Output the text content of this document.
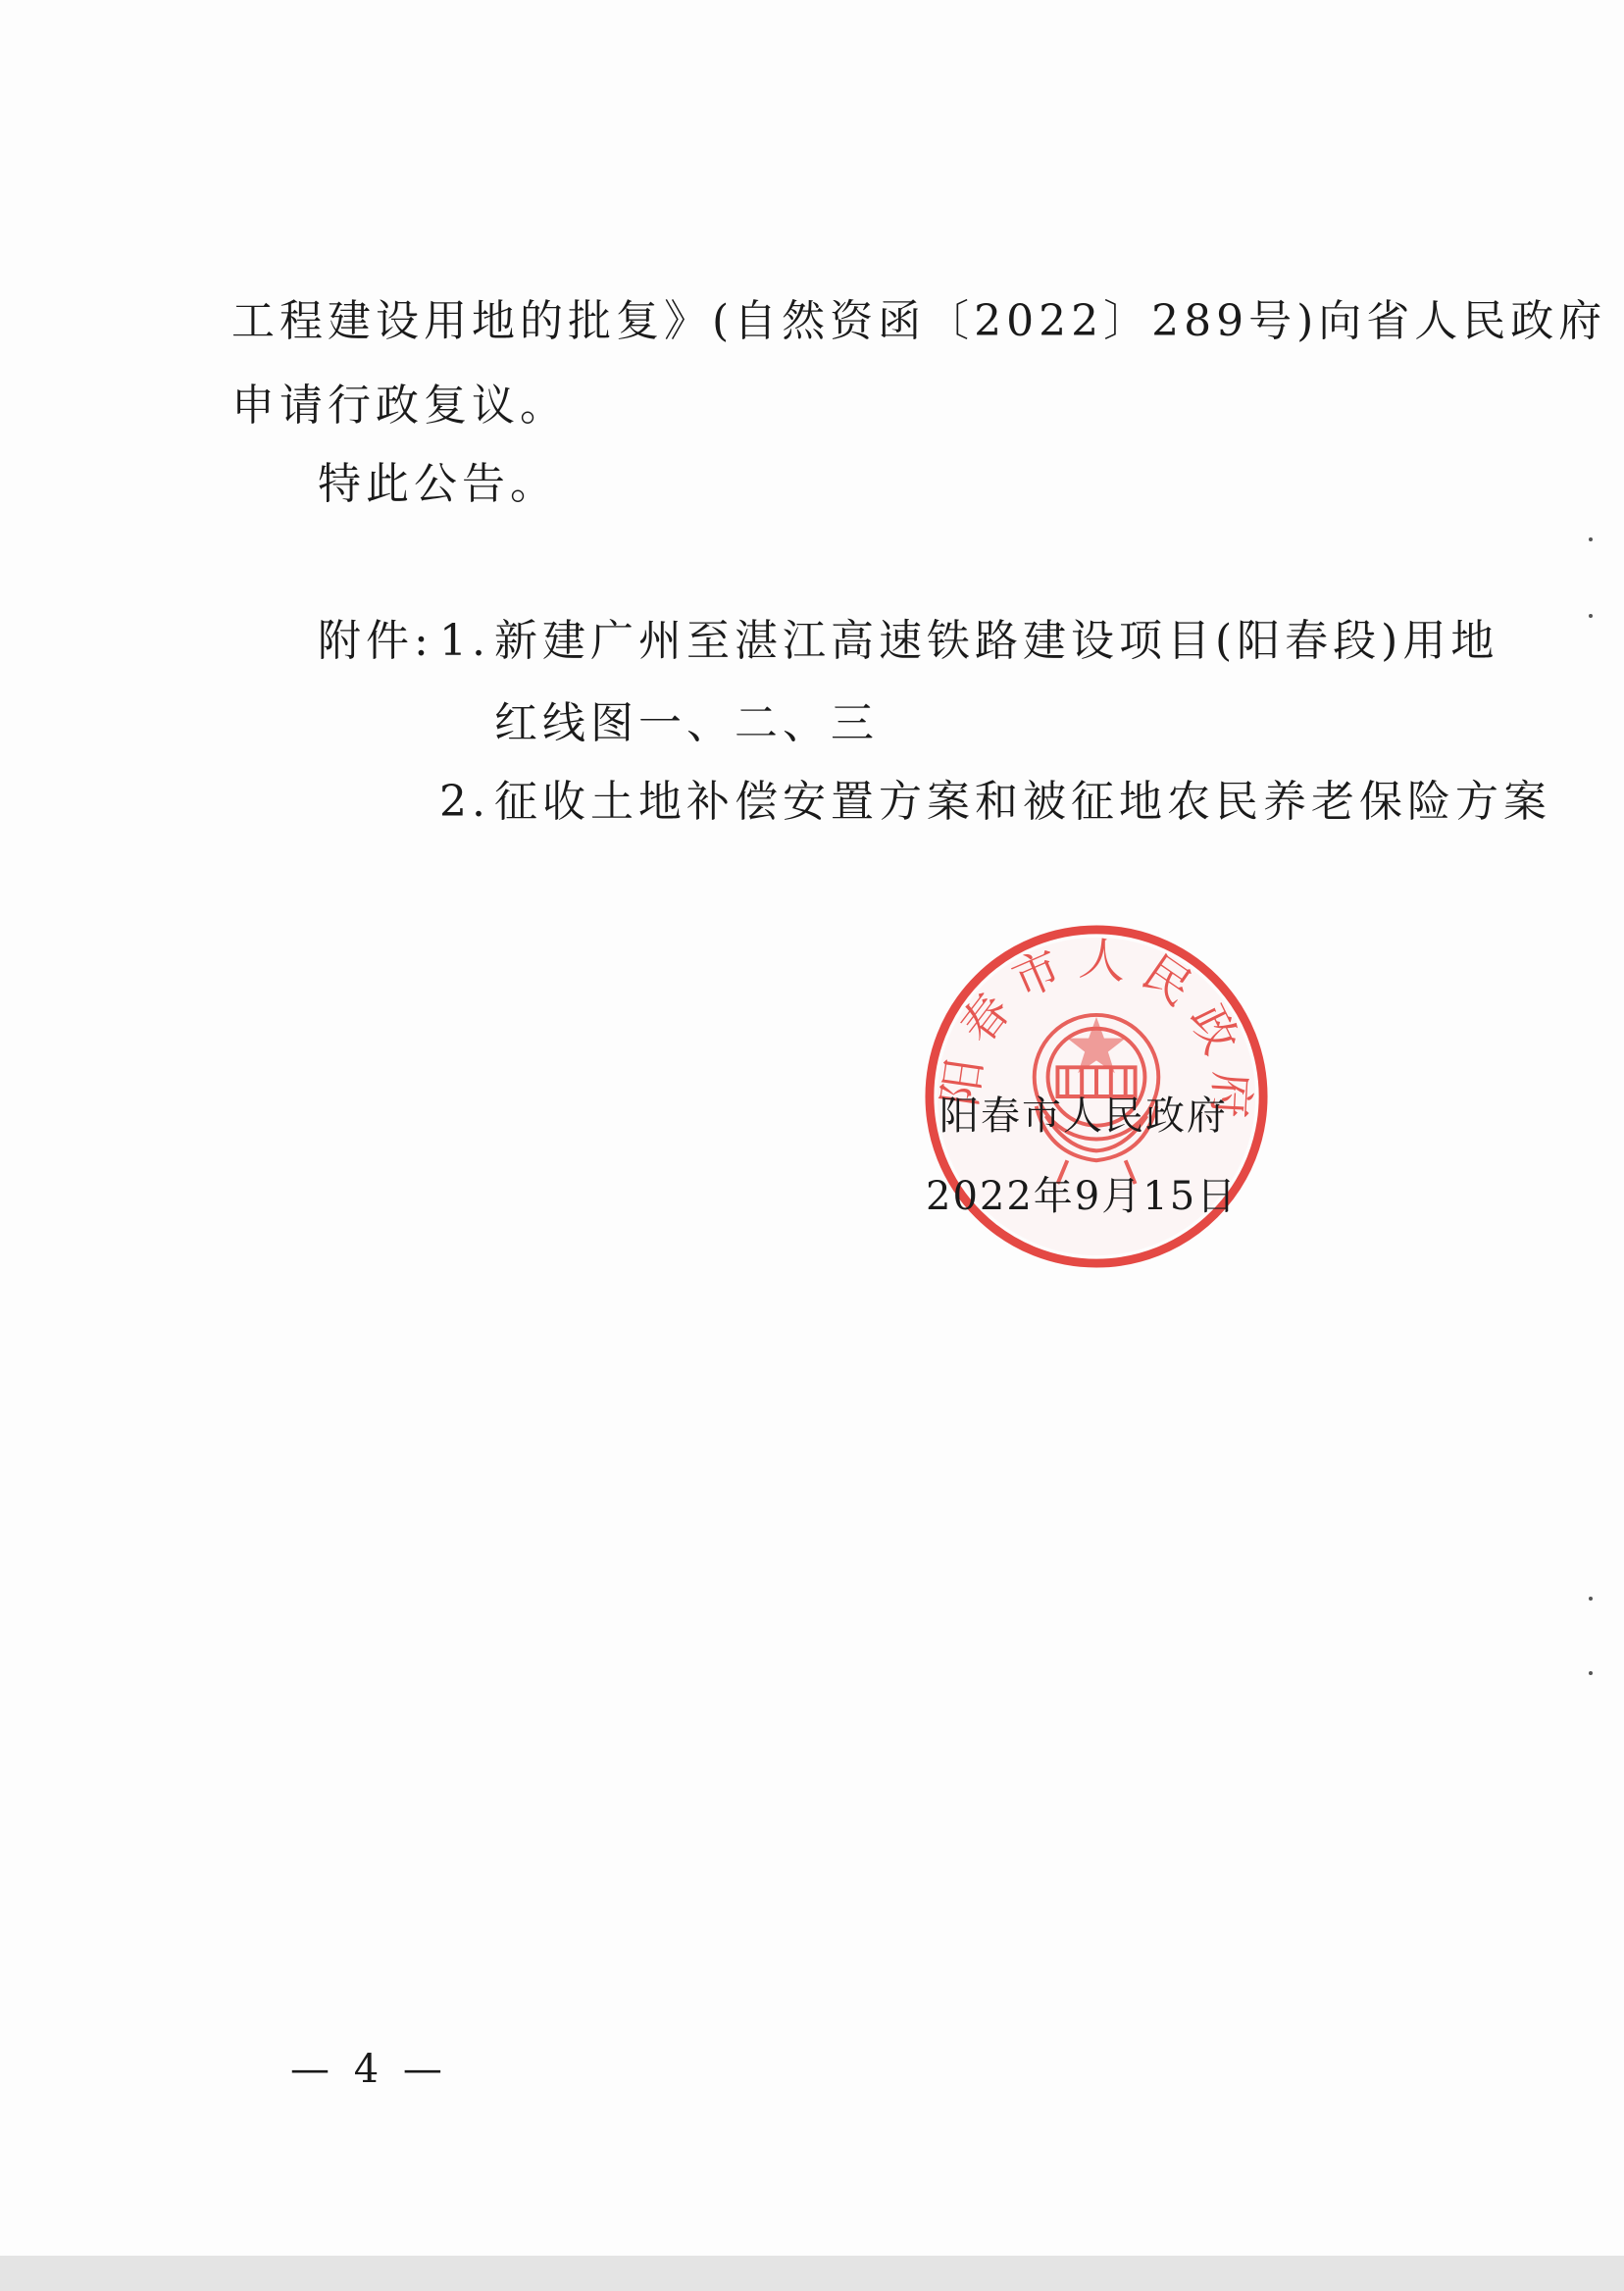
工程建设用地的批复》(自然资函〔2022〕289号)向省人民政府
申请行政复议。
特此公告。
附件: 1. 新建广州至湛江高速铁路建设项目(阳春段)用地
红线图一、二、三
2. 征收土地补偿安置方案和被征地农民养老保险方案
阳春市人民政府
阳春市人民政府
2022年9月15日
— 4 —
